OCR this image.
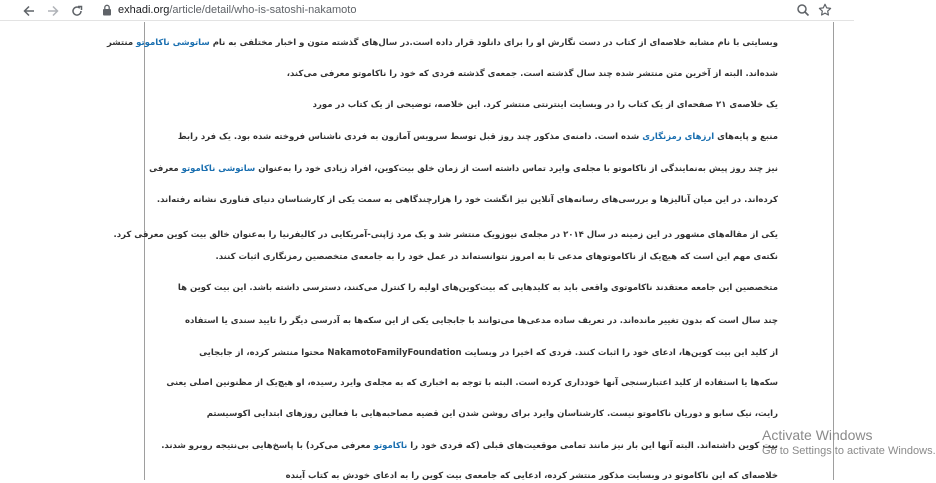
exhadi.org/article/detail/who-is-satoshi-nakamoto

وبسایتی با نام مشابه خلاصه‌ای از کتاب در دست نگارش او را برای دانلود قرار داده است.در سال‌های گذشته متون و اخبار مختلفی به نام ساتوشی ناکاموتو منتشر

شده‌اند. البته از آخرین متن منتشر شده چند سال گذشته است. جمعه‌ی گذشته فردی که خود را ناکاموتو معرفی می‌کند،

یک خلاصه‌ی ۲۱ صفحه‌ای از یک کتاب را در وبسایت اینترنتی منتشر کرد. این خلاصه، توضیحی از یک کتاب در مورد

منبع و پایه‌های ارزهای رمزنگاری شده است. دامنه‌ی مذکور چند روز قبل توسط سرویس آمازون به فردی ناشناس فروخته شده بود. یک فرد رابط

نیز چند روز پیش به‌نمایندگی از ناکاموتو با مجله‌ی وایرد تماس داشته است از زمان خلق بیت‌کوین، افراد زیادی خود را به‌عنوان ساتوشی ناکاموتو معرفی

کرده‌اند. در این میان آنالیزها و بررسی‌های رسانه‌های آنلاین نیز انگشت خود را هزارچندگاهی به سمت یکی از کارشناسان دنیای فناوری نشانه رفته‌اند.

یکی از مقاله‌های مشهور در این زمینه در سال ۲۰۱۴ در مجله‌ی نیوزویک منتشر شد و یک مرد ژاپنی-آمریکایی در کالیفرنیا را به‌عنوان خالق بیت کوین معرفی کرد.

نکته‌ی مهم این است که هیچ‌یک از ناکاموتوهای مدعی تا به امروز نتوانسته‌اند در عمل خود را به جامعه‌ی متخصصین رمزنگاری اثبات کنند.

متخصصین این جامعه معتقدند ناکاموتوی واقعی باید به کلیدهایی که بیت‌کوین‌های اولیه را کنترل می‌کنند، دسترسی داشته باشد. این بیت کوین ها

چند سال است که بدون تغییر مانده‌اند. در تعریف ساده مدعی‌ها می‌توانند با جابجایی یکی از این سکه‌ها به آدرسی دیگر را تایید سندی یا استفاده

از کلید این بیت کوین‌ها، ادعای خود را اثبات کنند. فردی که اخیرا در وبسایت NakamotoFamilyFoundation محتوا منتشر کرده، از جابجایی

سکه‌ها یا استفاده از کلید اعتبارسنجی آنها خودداری کرده است. البته با توجه به اخباری که به مجله‌ی وایرد رسیده، او هیچ‌یک از مظنونین اصلی یعنی

رایت، نیک سابو و دوریان ناکاموتو نیست. کارشناسان وایرد برای روشن شدن این قضیه مصاحبه‌هایی با فعالین روزهای ابتدایی اکوسیستم

بیت کوین داشته‌اند. البته آنها این بار نیز مانند تمامی موقعیت‌های قبلی (که فردی خود را ناکاموتو معرفی می‌کرد) با پاسخ‌هایی بی‌نتیجه روبرو شدند.

خلاصه‌ای که این ناکاموتو در وبسایت مذکور منتشر کرده، ادعایی که جامعه‌ی بیت کوین را به ادعای خودش به کتاب آینده

Activate Windows
Go to Settings to activate Windows.
